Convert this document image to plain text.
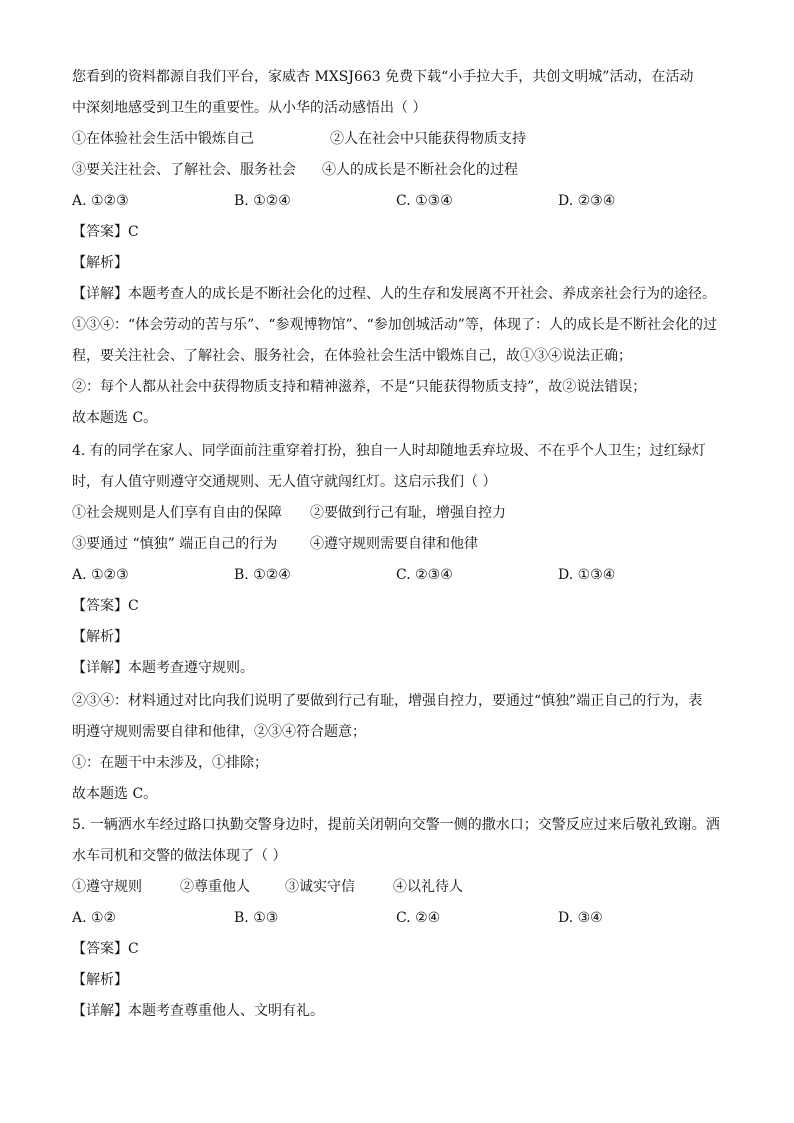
您看到的资料都源自我们平台，家威杏 MXSJ663 免费下载“小手拉大手，共创文明城”活动，在活动
中深刻地感受到卫生的重要性。从小华的活动感悟出（ ）
①在体验社会生活中锻炼自己	②人在社会中只能获得物质支持
③要关注社会、了解社会、服务社会 ④人的成长是不断社会化的过程
A. ①②③	B. ①②④	C. ①③④	D. ②③④
【答案】C
【解析】
【详解】本题考查人的成长是不断社会化的过程、人的生存和发展离不开社会、养成亲社会行为的途径。
①③④：“体会劳动的苦与乐”、“参观博物馆”、“参加创城活动”等，体现了：人的成长是不断社会化的过
程，要关注社会、了解社会、服务社会，在体验社会生活中锻炼自己，故①③④说法正确；
②：每个人都从社会中获得物质支持和精神滋养，不是“只能获得物质支持”，故②说法错误；
故本题选 C。
4. 有的同学在家人、同学面前注重穿着打扮，独自一人时却随地丢弃垃圾、不在乎个人卫生；过红绿灯
时，有人值守则遵守交通规则、无人值守就闯红灯。这启示我们（ ）
①社会规则是人们享有自由的保障 ②要做到行己有耻，增强自控力
③要通过 “慎独” 端正自己的行为 ④遵守规则需要自律和他律
A. ①②③	B. ①②④	C. ②③④	D. ①③④
【答案】C
【解析】
【详解】本题考查遵守规则。
②③④：材料通过对比向我们说明了要做到行己有耻，增强自控力，要通过“慎独”端正自己的行为，表
明遵守规则需要自律和他律，②③④符合题意；
①：在题干中未涉及，①排除；
故本题选 C。
5. 一辆洒水车经过路口执勤交警身边时，提前关闭朝向交警一侧的撒水口；交警反应过来后敬礼致谢。洒
水车司机和交警的做法体现了（ ）
①遵守规则	②尊重他人	③诚实守信	④以礼待人
A. ①②	B. ①③	C. ②④	D. ③④
【答案】C
【解析】
【详解】本题考查尊重他人、文明有礼。
